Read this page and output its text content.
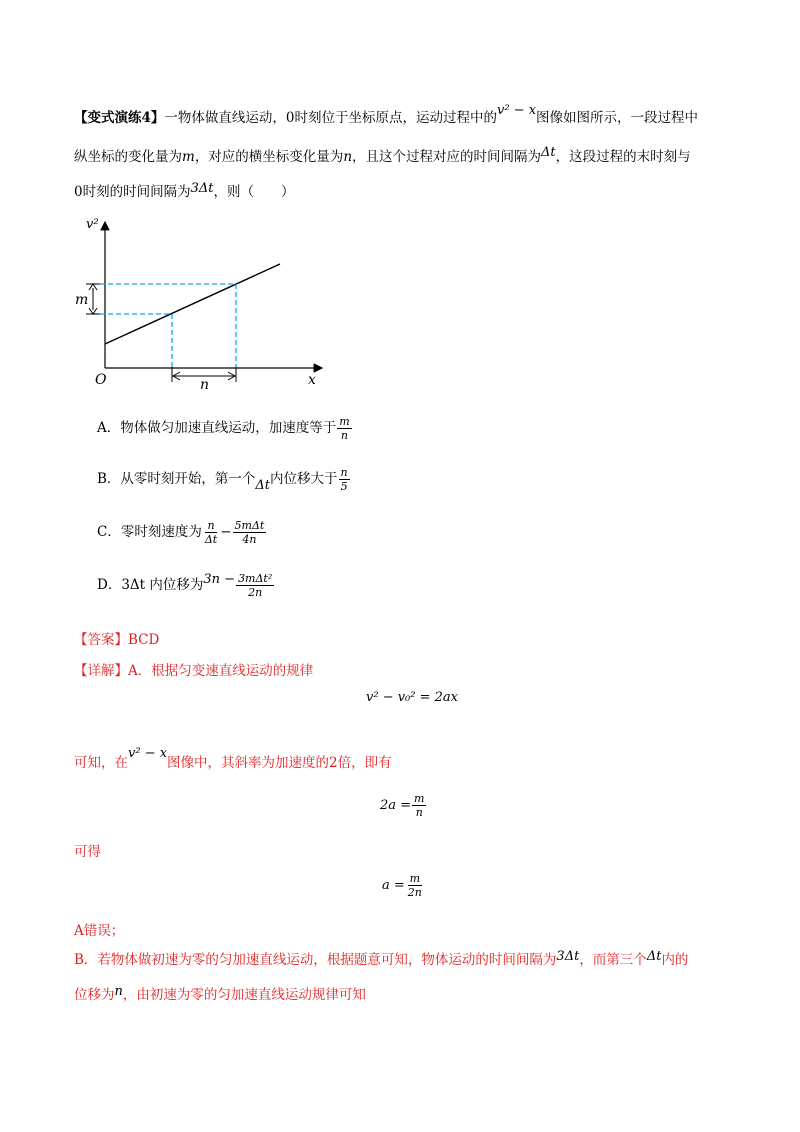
【变式演练4】一物体做直线运动，0时刻位于坐标原点，运动过程中的v² − x图像如图所示，一段过程中
纵坐标的变化量为m，对应的横坐标变化量为n，且这个过程对应的时间间隔为Δt，这段过程的末时刻与
0时刻的时间间隔为3Δt，则（　　）
v²
x
O
m
n
A．物体做匀加速直线运动，加速度等于 $\frac{m}{n}$
B．从零时刻开始，第一个Δt内位移大于 $\frac{n}{5}$
C．零时刻速度为 $\frac{n}{\Delta t} - \frac{\text{5mΔt}}{4n}$
D．3Δt 内位移为$3n - \frac{\text{3mΔt²}}{2n}$
【答案】BCD
【详解】A．根据匀变速直线运动的规律
v² − v₀² = 2ax
可知，在v² − x图像中，其斜率为加速度的2倍，即有
$2a = \frac{m}{n}$
可得
$a = \frac{m}{2n}$
A错误；
B．若物体做初速为零的匀加速直线运动，根据题意可知，物体运动的时间间隔为3Δt，而第三个Δt内的
位移为n，由初速为零的匀加速直线运动规律可知
